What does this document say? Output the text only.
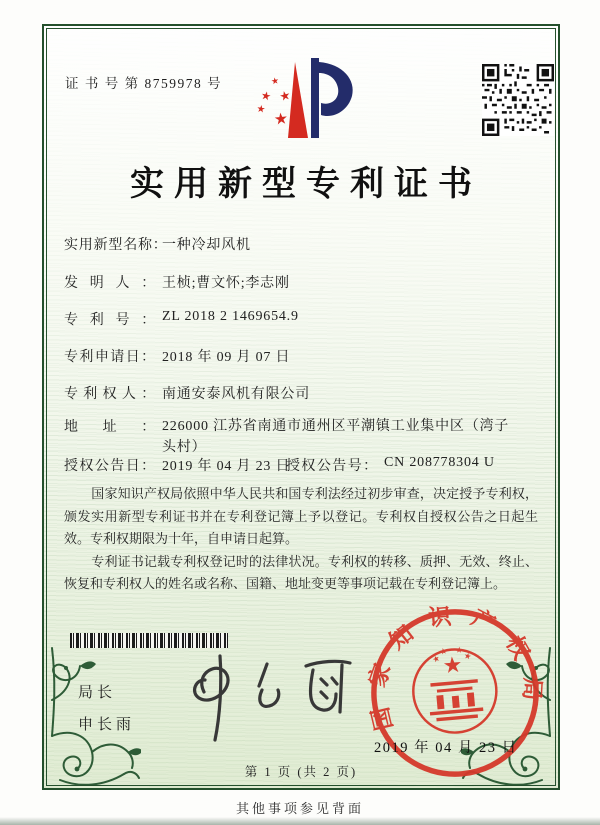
证 书 号 第 8759978 号
实用新型专利证书
实用新型名称：一种冷却风机
发明人： 王桢;曹文怀;李志刚
专利号： ZL 2018 2 1469654.9
专利申请日： 2018 年 09 月 07 日
专利权人： 南通安泰风机有限公司
地址： 226000 江苏省南通市通州区平潮镇工业集中区（湾子头村）
授权公告日： 2019 年 04 月 23 日
授权公告号： CN 208778304 U

国家知识产权局依照中华人民共和国专利法经过初步审查，决定授予专利权，颁发实用新型专利证书并在专利登记簿上予以登记。专利权自授权公告之日起生效。专利权期限为十年，自申请日起算。

专利证书记载专利权登记时的法律状况。专利权的转移、质押、无效、终止、恢复和专利权人的姓名或名称、国籍、地址变更等事项记载在专利登记簿上。

局长
申长雨	国家知识产权局
2019 年 04 月 23 日
第 1 页 (共 2 页)
其他事项参见背面
